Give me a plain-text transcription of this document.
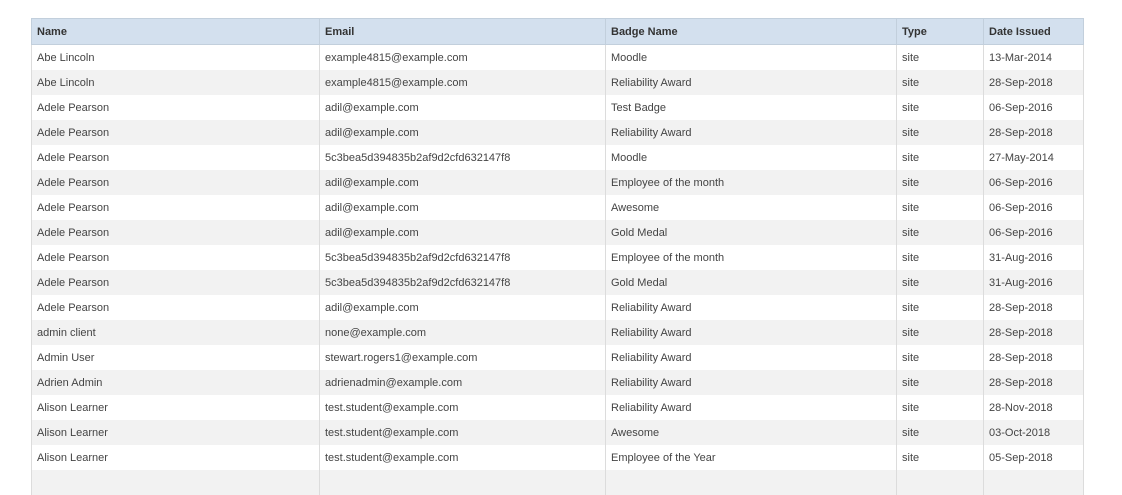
Name	Email	Badge Name	Type	Date Issued
Abe Lincoln	example4815@example.com	Moodle	site	13-Mar-2014
Abe Lincoln	example4815@example.com	Reliability Award	site	28-Sep-2018
Adele Pearson	adil@example.com	Test Badge	site	06-Sep-2016
Adele Pearson	adil@example.com	Reliability Award	site	28-Sep-2018
Adele Pearson	5c3bea5d394835b2af9d2cfd632147f8	Moodle	site	27-May-2014
Adele Pearson	adil@example.com	Employee of the month	site	06-Sep-2016
Adele Pearson	adil@example.com	Awesome	site	06-Sep-2016
Adele Pearson	adil@example.com	Gold Medal	site	06-Sep-2016
Adele Pearson	5c3bea5d394835b2af9d2cfd632147f8	Employee of the month	site	31-Aug-2016
Adele Pearson	5c3bea5d394835b2af9d2cfd632147f8	Gold Medal	site	31-Aug-2016
Adele Pearson	adil@example.com	Reliability Award	site	28-Sep-2018
admin client	none@example.com	Reliability Award	site	28-Sep-2018
Admin User	stewart.rogers1@example.com	Reliability Award	site	28-Sep-2018
Adrien Admin	adrienadmin@example.com	Reliability Award	site	28-Sep-2018
Alison Learner	test.student@example.com	Reliability Award	site	28-Nov-2018
Alison Learner	test.student@example.com	Awesome	site	03-Oct-2018
Alison Learner	test.student@example.com	Employee of the Year	site	05-Sep-2018
